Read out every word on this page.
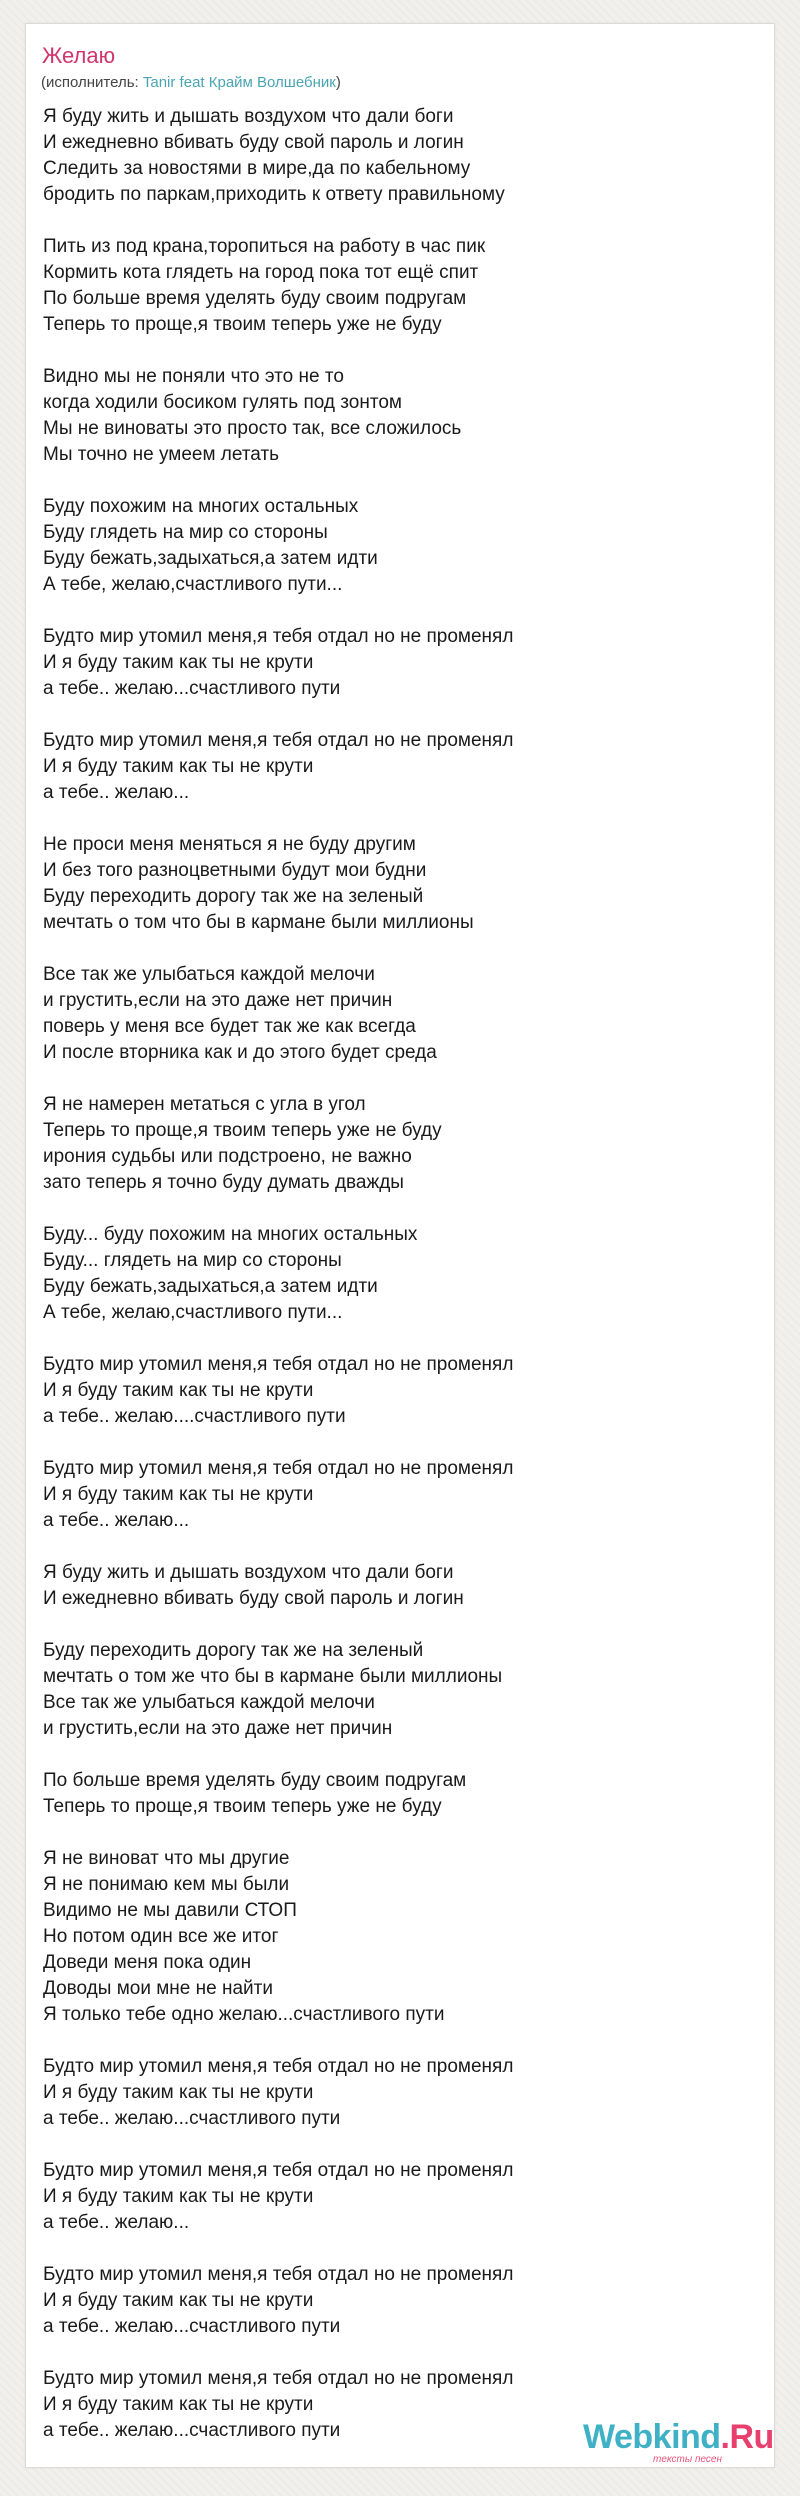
Желаю
(исполнитель: Tanir feat Крайм Волшебник)
Я буду жить и дышать воздухом что дали боги
И ежедневно вбивать буду свой пароль и логин
Следить за новостями в мире,да по кабельному
бродить по паркам,приходить к ответу правильному
Пить из под крана,торопиться на работу в час пик
Кормить кота глядеть на город пока тот ещё спит
По больше время уделять буду своим подругам
Теперь то проще,я твоим теперь уже не буду
Видно мы не поняли что это не то
когда ходили босиком гулять под зонтом
Мы не виноваты это просто так, все сложилось
Мы точно не умеем летать
Буду похожим на многих остальных
Буду глядеть на мир со стороны
Буду бежать,задыхаться,а затем идти
А тебе, желаю,счастливого пути...
Будто мир утомил меня,я тебя отдал но не променял
И я буду таким как ты не крути
а тебе.. желаю...счастливого пути
Будто мир утомил меня,я тебя отдал но не променял
И я буду таким как ты не крути
а тебе.. желаю...
Не проси меня меняться я не буду другим
И без того разноцветными будут мои будни
Буду переходить дорогу так же на зеленый
мечтать о том что бы в кармане были миллионы
Все так же улыбаться каждой мелочи
и грустить,если на это даже нет причин
поверь у меня все будет так же как всегда
И после вторника как и до этого будет среда
Я не намерен метаться с угла в угол
Теперь то проще,я твоим теперь уже не буду
ирония судьбы или подстроено, не важно
зато теперь я точно буду думать дважды
Буду... буду похожим на многих остальных
Буду... глядеть на мир со стороны
Буду бежать,задыхаться,а затем идти
А тебе, желаю,счастливого пути...
Будто мир утомил меня,я тебя отдал но не променял
И я буду таким как ты не крути
а тебе.. желаю....счастливого пути
Будто мир утомил меня,я тебя отдал но не променял
И я буду таким как ты не крути
а тебе.. желаю...
Я буду жить и дышать воздухом что дали боги
И ежедневно вбивать буду свой пароль и логин
Буду переходить дорогу так же на зеленый
мечтать о том же что бы в кармане были миллионы
Все так же улыбаться каждой мелочи
и грустить,если на это даже нет причин
По больше время уделять буду своим подругам
Теперь то проще,я твоим теперь уже не буду
Я не виноват что мы другие
Я не понимаю кем мы были
Видимо не мы давили СТОП
Но потом один все же итог
Доведи меня пока один
Доводы мои мне не найти
Я только тебе одно желаю...счастливого пути
Будто мир утомил меня,я тебя отдал но не променял
И я буду таким как ты не крути
а тебе.. желаю...счастливого пути
Будто мир утомил меня,я тебя отдал но не променял
И я буду таким как ты не крути
а тебе.. желаю...
Будто мир утомил меня,я тебя отдал но не променял
И я буду таким как ты не крути
а тебе.. желаю...счастливого пути
Будто мир утомил меня,я тебя отдал но не променял
И я буду таким как ты не крути
а тебе.. желаю...счастливого пути	Webkind.Ru
тексты песен
